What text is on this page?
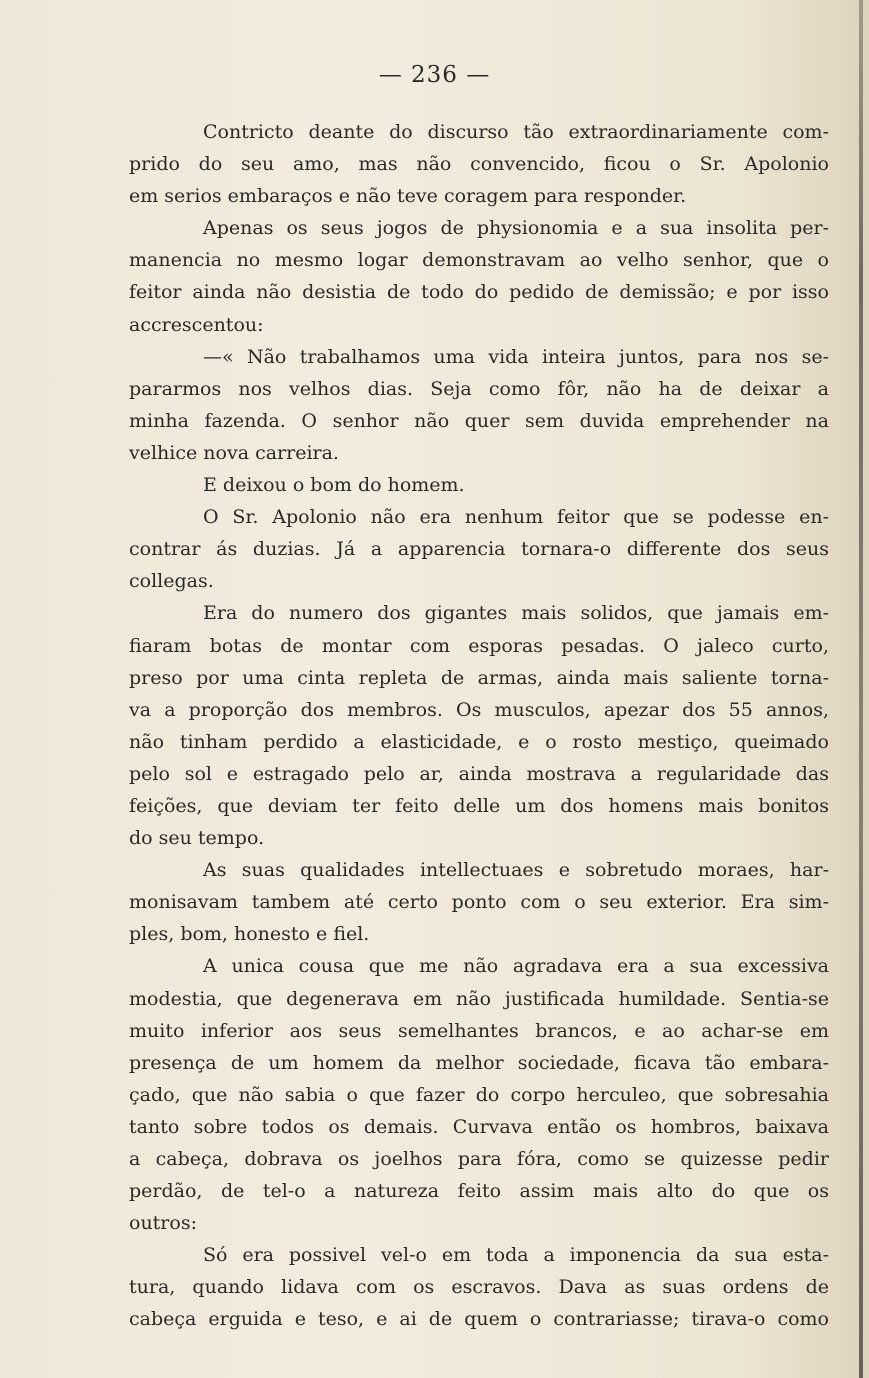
— 236 —
Contricto deante do discurso tão extraordinariamente com-
prido do seu amo, mas não convencido, ficou o Sr. Apolonio
em serios embaraços e não teve coragem para responder.
Apenas os seus jogos de physionomia e a sua insolita per-
manencia no mesmo logar demonstravam ao velho senhor, que o
feitor ainda não desistia de todo do pedido de demissão; e por isso
accrescentou:
—« Não trabalhamos uma vida inteira juntos, para nos se-
pararmos nos velhos dias. Seja como fôr, não ha de deixar a
minha fazenda. O senhor não quer sem duvida emprehender na
velhice nova carreira.
E deixou o bom do homem.
O Sr. Apolonio não era nenhum feitor que se podesse en-
contrar ás duzias. Já a apparencia tornara-o differente dos seus
collegas.
Era do numero dos gigantes mais solidos, que jamais em-
fiaram botas de montar com esporas pesadas. O jaleco curto,
preso por uma cinta repleta de armas, ainda mais saliente torna-
va a proporção dos membros. Os musculos, apezar dos 55 annos,
não tinham perdido a elasticidade, e o rosto mestiço, queimado
pelo sol e estragado pelo ar, ainda mostrava a regularidade das
feições, que deviam ter feito delle um dos homens mais bonitos
do seu tempo.
As suas qualidades intellectuaes e sobretudo moraes, har-
monisavam tambem até certo ponto com o seu exterior. Era sim-
ples, bom, honesto e fiel.
A unica cousa que me não agradava era a sua excessiva
modestia, que degenerava em não justificada humildade. Sentia-se
muito inferior aos seus semelhantes brancos, e ao achar-se em
presença de um homem da melhor sociedade, ficava tão embara-
çado, que não sabia o que fazer do corpo herculeo, que sobresahia
tanto sobre todos os demais. Curvava então os hombros, baixava
a cabeça, dobrava os joelhos para fóra, como se quizesse pedir
perdão, de tel-o a natureza feito assim mais alto do que os
outros:
Só era possivel vel-o em toda a imponencia da sua esta-
tura, quando lidava com os escravos. Dava as suas ordens de
cabeça erguida e teso, e ai de quem o contrariasse; tirava-o como
